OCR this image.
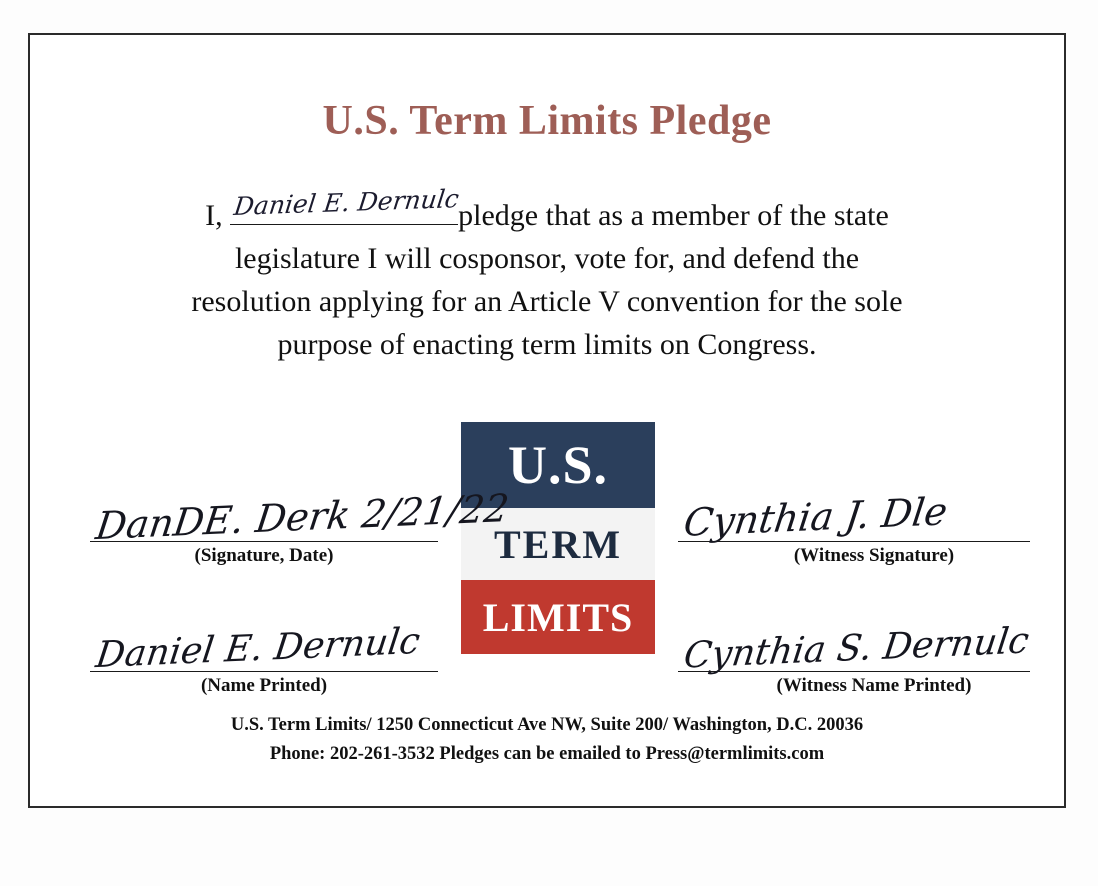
U.S. Term Limits Pledge
I, Daniel E. Dernulc
pledge that as a member of the state
legislature I will cosponsor, vote for, and defend the
resolution applying for an Article V convention for the sole
purpose of enacting term limits on Congress.
U.S.
TERM
LIMITS
DanDE. Derk 2/21/22
(Signature, Date)
Daniel E. Dernulc
(Name Printed)
Cynthia J. Dle
(Witness Signature)
Cynthia S. Dernulc
(Witness Name Printed)
U.S. Term Limits/ 1250 Connecticut Ave NW, Suite 200/ Washington, D.C. 20036
Phone: 202-261-3532 Pledges can be emailed to Press@termlimits.com
